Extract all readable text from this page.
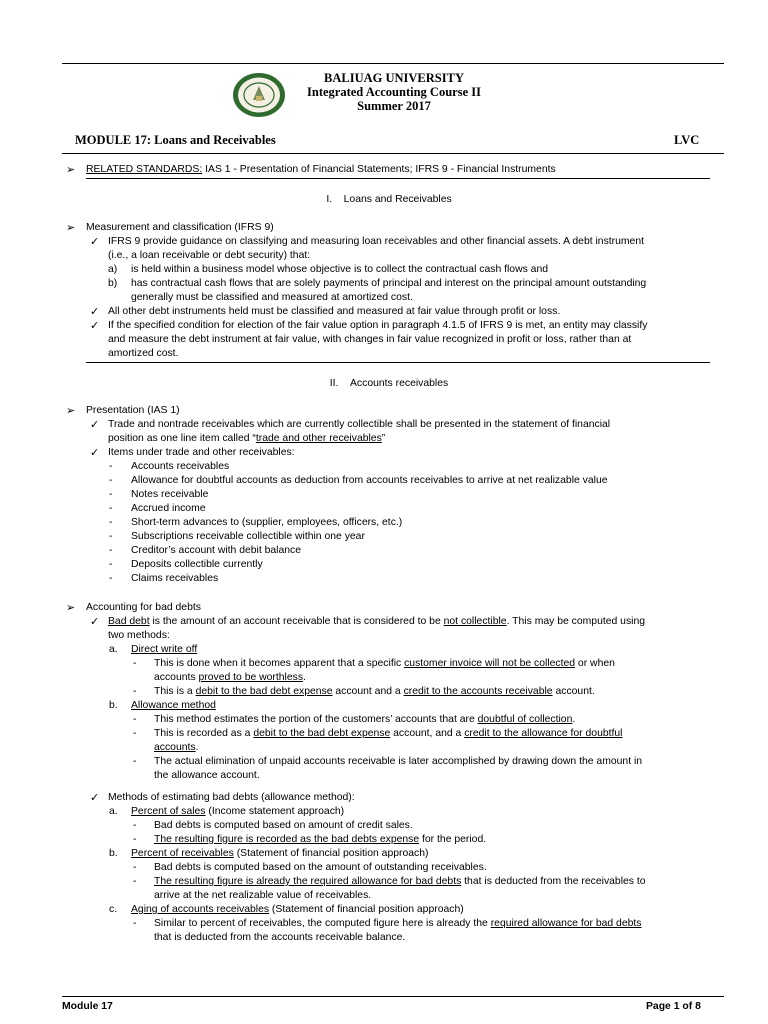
BALIUAG UNIVERSITY
Integrated Accounting Course II
Summer 2017
MODULE 17: Loans and Receivables	LVC
➢ RELATED STANDARDS: IAS 1 - Presentation of Financial Statements; IFRS 9 - Financial Instruments
I.    Loans and Receivables
➢ Measurement and classification (IFRS 9)
✓ IFRS 9 provide guidance on classifying and measuring loan receivables and other financial assets. A debt instrument
(i.e., a loan receivable or debt security) that:
a) is held within a business model whose objective is to collect the contractual cash flows and
b) has contractual cash flows that are solely payments of principal and interest on the principal amount outstanding
generally must be classified and measured at amortized cost.
✓ All other debt instruments held must be classified and measured at fair value through profit or loss.
✓ If the specified condition for election of the fair value option in paragraph 4.1.5 of IFRS 9 is met, an entity may classify
and measure the debt instrument at fair value, with changes in fair value recognized in profit or loss, rather than at
amortized cost.
II.    Accounts receivables
➢ Presentation (IAS 1)
✓ Trade and nontrade receivables which are currently collectible shall be presented in the statement of financial
position as one line item called “trade and other receivables”
✓ Items under trade and other receivables:
- Accounts receivables
- Allowance for doubtful accounts as deduction from accounts receivables to arrive at net realizable value
- Notes receivable
- Accrued income
- Short-term advances to (supplier, employees, officers, etc.)
- Subscriptions receivable collectible within one year
- Creditor’s account with debit balance
- Deposits collectible currently
- Claims receivables
➢ Accounting for bad debts
✓ Bad debt is the amount of an account receivable that is considered to be not collectible. This may be computed using
two methods:
a. Direct write off
- This is done when it becomes apparent that a specific customer invoice will not be collected or when
accounts proved to be worthless.
- This is a debit to the bad debt expense account and a credit to the accounts receivable account.
b. Allowance method
- This method estimates the portion of the customers’ accounts that are doubtful of collection.
- This is recorded as a debit to the bad debt expense account, and a credit to the allowance for doubtful
accounts.
- The actual elimination of unpaid accounts receivable is later accomplished by drawing down the amount in
the allowance account.
✓ Methods of estimating bad debts (allowance method):
a. Percent of sales (Income statement approach)
- Bad debts is computed based on amount of credit sales.
- The resulting figure is recorded as the bad debts expense for the period.
b. Percent of receivables (Statement of financial position approach)
- Bad debts is computed based on the amount of outstanding receivables.
- The resulting figure is already the required allowance for bad debts that is deducted from the receivables to
arrive at the net realizable value of receivables.
c. Aging of accounts receivables (Statement of financial position approach)
- Similar to percent of receivables, the computed figure here is already the required allowance for bad debts
that is deducted from the accounts receivable balance.
Module 17	Page 1 of 8
